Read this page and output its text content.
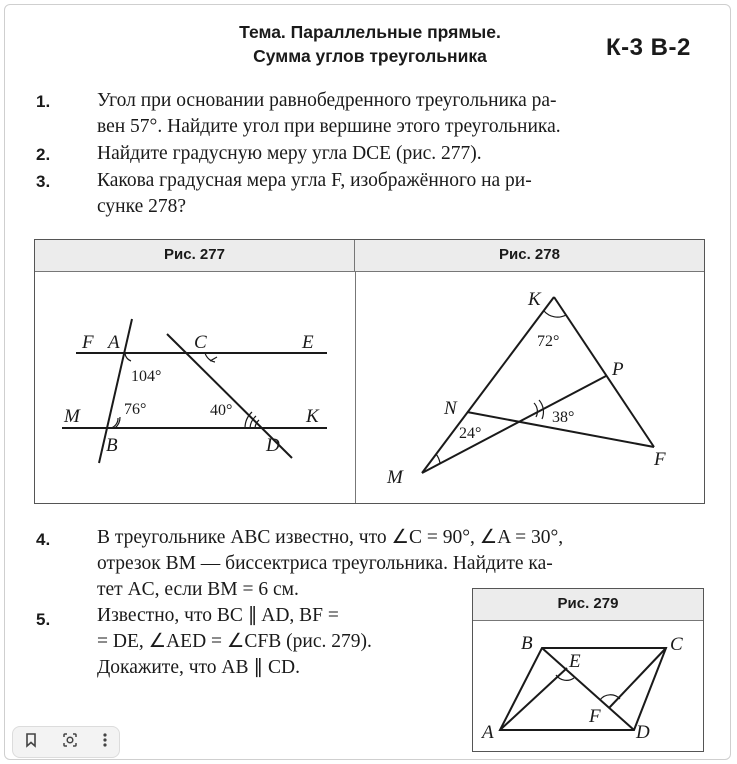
Тема. Параллельные прямые.
Сумма углов треугольника	К-3 В-2
1. Угол при основании равнобедренного треугольника ра-
вен 57°. Найдите угол при вершине этого треугольника.
2. Найдите градусную меру угла DCE (рис. 277).
3. Какова градусная мера угла F, изображённого на ри-
сунке 278?
Рис. 277	Рис. 278
F A	C	E
M	K
B	D
104°
76°	40°
K
P
N
F
M
72°
38°
24°
4. В треугольнике ABC известно, что ∠C = 90°, ∠A = 30°,
отрезок BM — биссектриса треугольника. Найдите ка-
тет AC, если BM = 6 см.
5. Известно, что BC ∥ AD, BF =
= DE, ∠AED = ∠CFB (рис. 279).
Докажите, что AB ∥ CD.
Рис. 279
B	C
E
F
A	D
